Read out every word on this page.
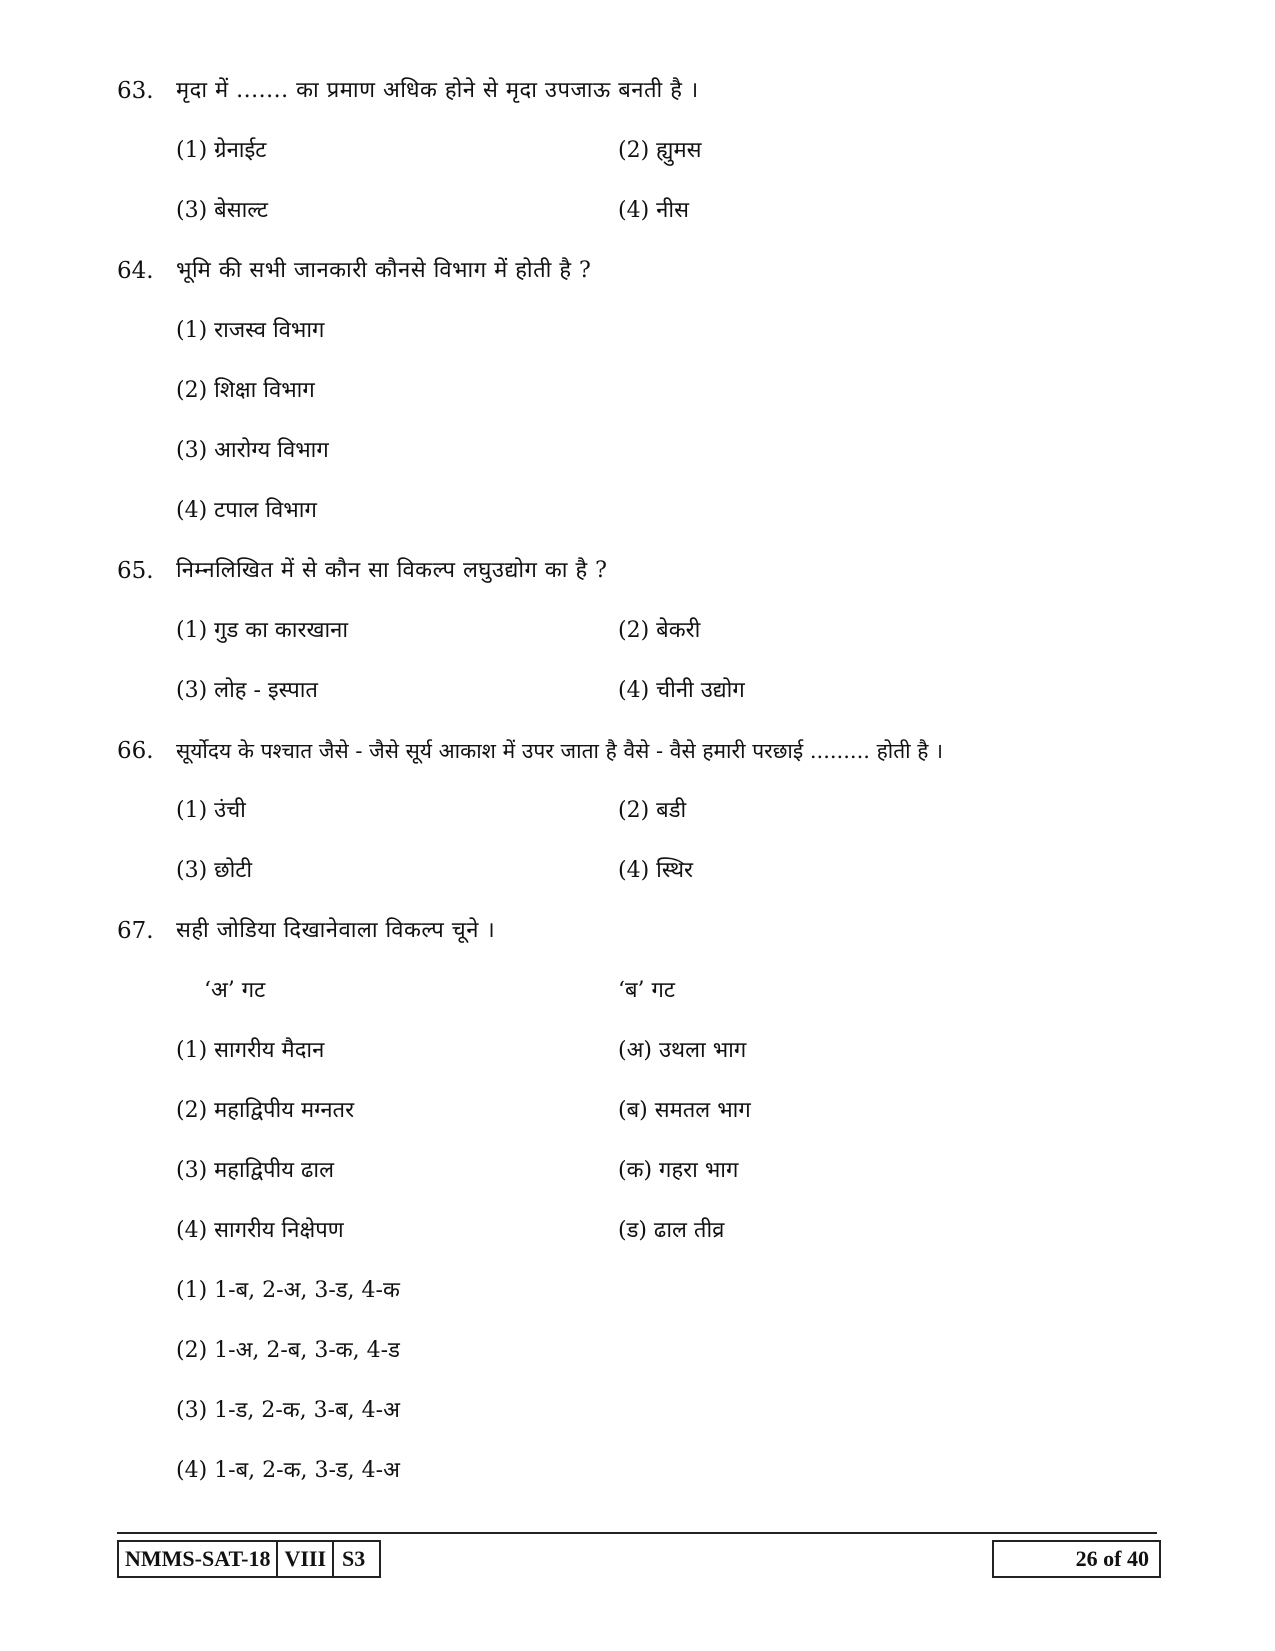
63. मृदा में ....... का प्रमाण अधिक होने से मृदा उपजाऊ बनती है ।
(1) ग्रेनाईट	(2) ह्युमस
(3) बेसाल्ट	(4) नीस
64. भूमि की सभी जानकारी कौनसे विभाग में होती है ?
(1) राजस्व विभाग
(2) शिक्षा विभाग
(3) आरोग्य विभाग
(4) टपाल विभाग
65. निम्नलिखित में से कौन सा विकल्प लघुउद्योग का है ?
(1) गुड का कारखाना	(2) बेकरी
(3) लोह - इस्पात	(4) चीनी उद्योग
66. सूर्योदय के पश्चात जैसे - जैसे सूर्य आकाश में उपर जाता है वैसे - वैसे हमारी परछाई ......... होती है ।
(1) उंची	(2) बडी
(3) छोटी	(4) स्थिर
67. सही जोडिया दिखानेवाला विकल्प चूने ।
‘अ’ गट	‘ब’ गट
(1) सागरीय मैदान	(अ) उथला भाग
(2) महाद्विपीय मग्नतर	(ब) समतल भाग
(3) महाद्विपीय ढाल	(क) गहरा भाग
(4) सागरीय निक्षेपण	(ड) ढाल तीव्र
(1) 1-ब, 2-अ, 3-ड, 4-क
(2) 1-अ, 2-ब, 3-क, 4-ड
(3) 1-ड, 2-क, 3-ब, 4-अ
(4) 1-ब, 2-क, 3-ड, 4-अ
NMMS-SAT-18 VIII S3	26 of 40
